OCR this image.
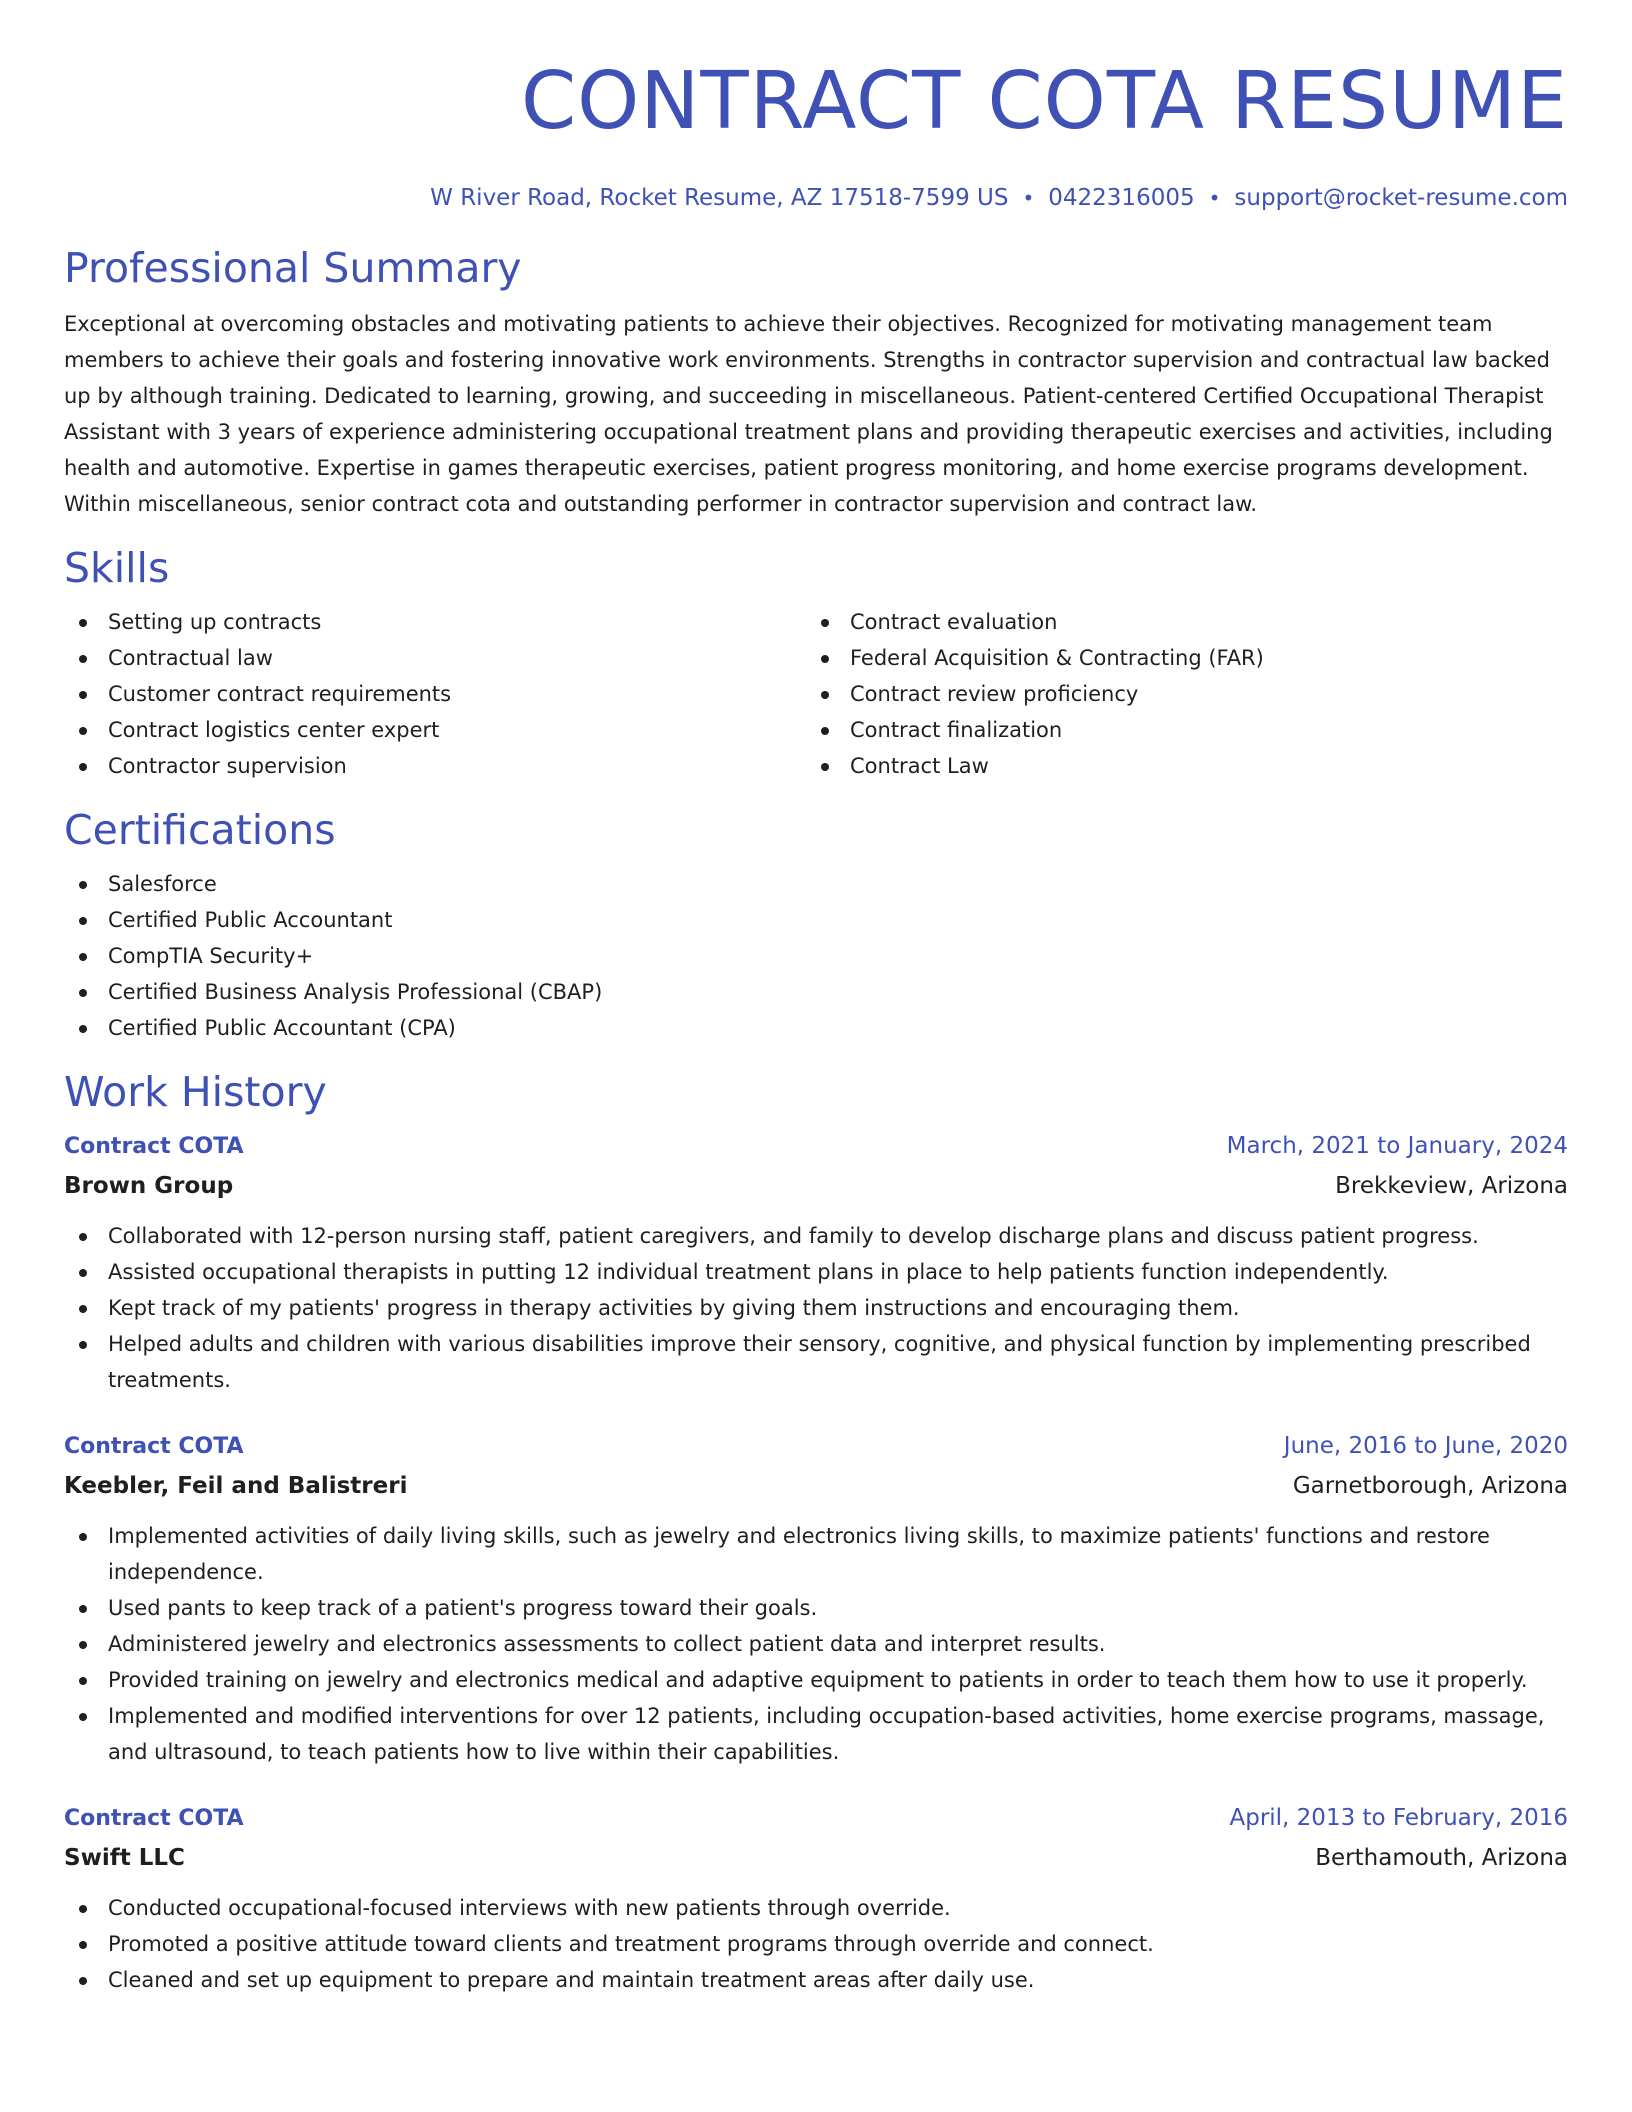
CONTRACT COTA RESUME
W River Road, Rocket Resume, AZ 17518-7599 US • 0422316005 • support@rocket-resume.com
Professional Summary

Exceptional at overcoming obstacles and motivating patients to achieve their objectives. Recognized for motivating management team members to achieve their goals and fostering innovative work environments. Strengths in contractor supervision and contractual law backed up by although training. Dedicated to learning, growing, and succeeding in miscellaneous. Patient-centered Certified Occupational Therapist Assistant with 3 years of experience administering occupational treatment plans and providing therapeutic exercises and activities, including health and automotive. Expertise in games therapeutic exercises, patient progress monitoring, and home exercise programs development. Within miscellaneous, senior contract cota and outstanding performer in contractor supervision and contract law.

Skills
Setting up contracts
Contractual law
Customer contract requirements
Contract logistics center expert
Contractor supervision
Contract evaluation
Federal Acquisition & Contracting (FAR)
Contract review proficiency
Contract finalization
Contract Law
Certifications
Salesforce
Certified Public Accountant
CompTIA Security+
Certified Business Analysis Professional (CBAP)
Certified Public Accountant (CPA)
Work History
Contract COTA	March, 2021 to January, 2024
Brown Group	Brekkeview, Arizona
Collaborated with 12-person nursing staff, patient caregivers, and family to develop discharge plans and discuss patient progress.
Assisted occupational therapists in putting 12 individual treatment plans in place to help patients function independently.
Kept track of my patients' progress in therapy activities by giving them instructions and encouraging them.
Helped adults and children with various disabilities improve their sensory, cognitive, and physical function by implementing prescribed treatments.
Contract COTA	June, 2016 to June, 2020
Keebler, Feil and Balistreri	Garnetborough, Arizona
Implemented activities of daily living skills, such as jewelry and electronics living skills, to maximize patients' functions and restore independence.
Used pants to keep track of a patient's progress toward their goals.
Administered jewelry and electronics assessments to collect patient data and interpret results.
Provided training on jewelry and electronics medical and adaptive equipment to patients in order to teach them how to use it properly.
Implemented and modified interventions for over 12 patients, including occupation-based activities, home exercise programs, massage, and ultrasound, to teach patients how to live within their capabilities.
Contract COTA	April, 2013 to February, 2016
Swift LLC	Berthamouth, Arizona
Conducted occupational-focused interviews with new patients through override.
Promoted a positive attitude toward clients and treatment programs through override and connect.
Cleaned and set up equipment to prepare and maintain treatment areas after daily use.
